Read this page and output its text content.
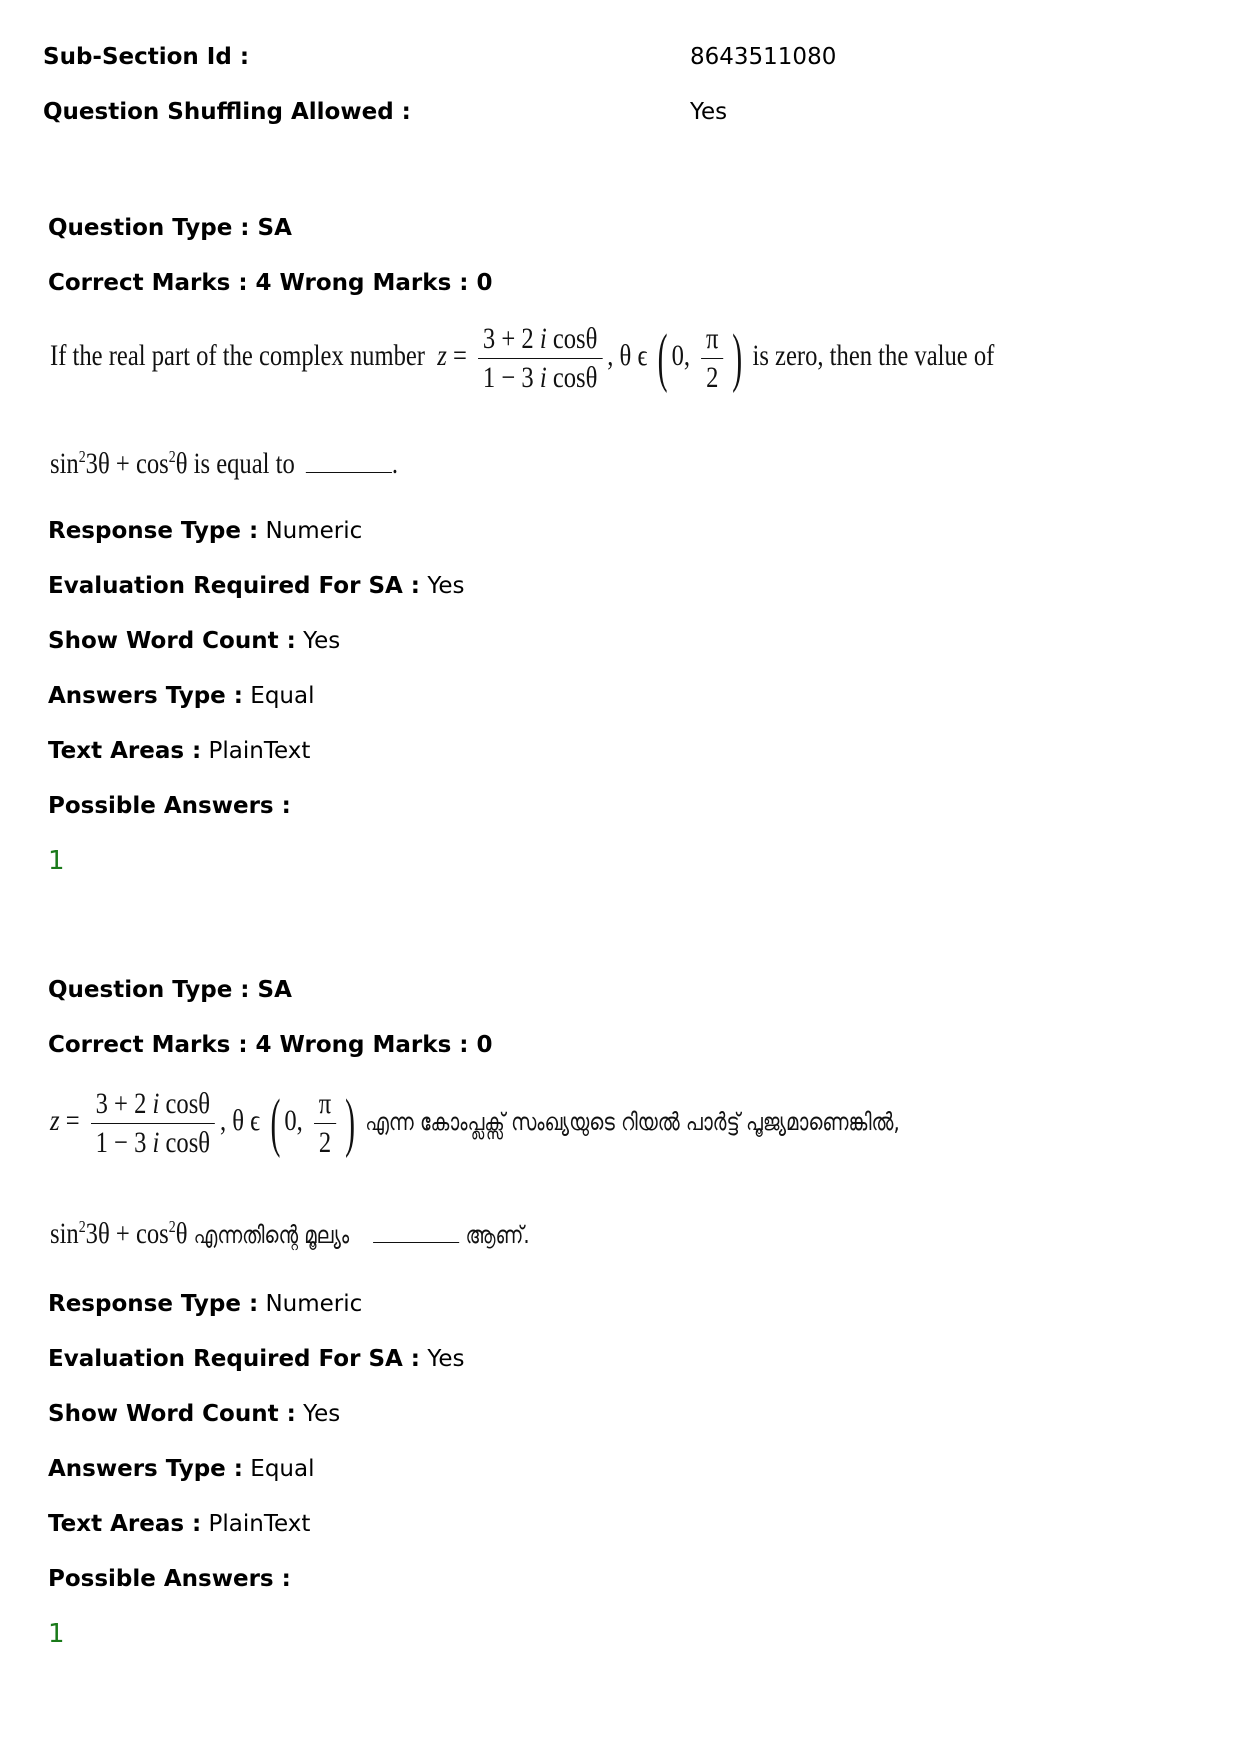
Sub-Section Id :	8643511080
Question Shuffling Allowed :	Yes
Question Type : SA
Correct Marks : 4 Wrong Marks : 0
If the real part of the complex number  $z = \frac{\text{3 + 2 i cosθ}}{\text{1 − 3 i cosθ}}$ , θ ϵ ( 0, $\frac{\pi}{2}$ ) is zero, then the value of
$\sin^23\theta + \cos^2\theta$ is equal to	.
Response Type : Numeric
Evaluation Required For SA : Yes
Show Word Count : Yes
Answers Type : Equal
Text Areas : PlainText
Possible Answers :
1
Question Type : SA
Correct Marks : 4 Wrong Marks : 0
$z = \frac{\text{3 + 2 i cosθ}}{\text{1 − 3 i cosθ}}$ , θ ϵ ( 0, $\frac{\pi}{2}$ ) എന്ന കോംപ്ലക്സ് സംഖ്യയുടെ റിയൽ പാർട്ട് പൂജ്യമാണെങ്കിൽ,
$\sin^23\theta + \cos^2\theta$ എന്നതിന്റെ മൂല്യം	ആണ്.
Response Type : Numeric
Evaluation Required For SA : Yes
Show Word Count : Yes
Answers Type : Equal
Text Areas : PlainText
Possible Answers :
1
